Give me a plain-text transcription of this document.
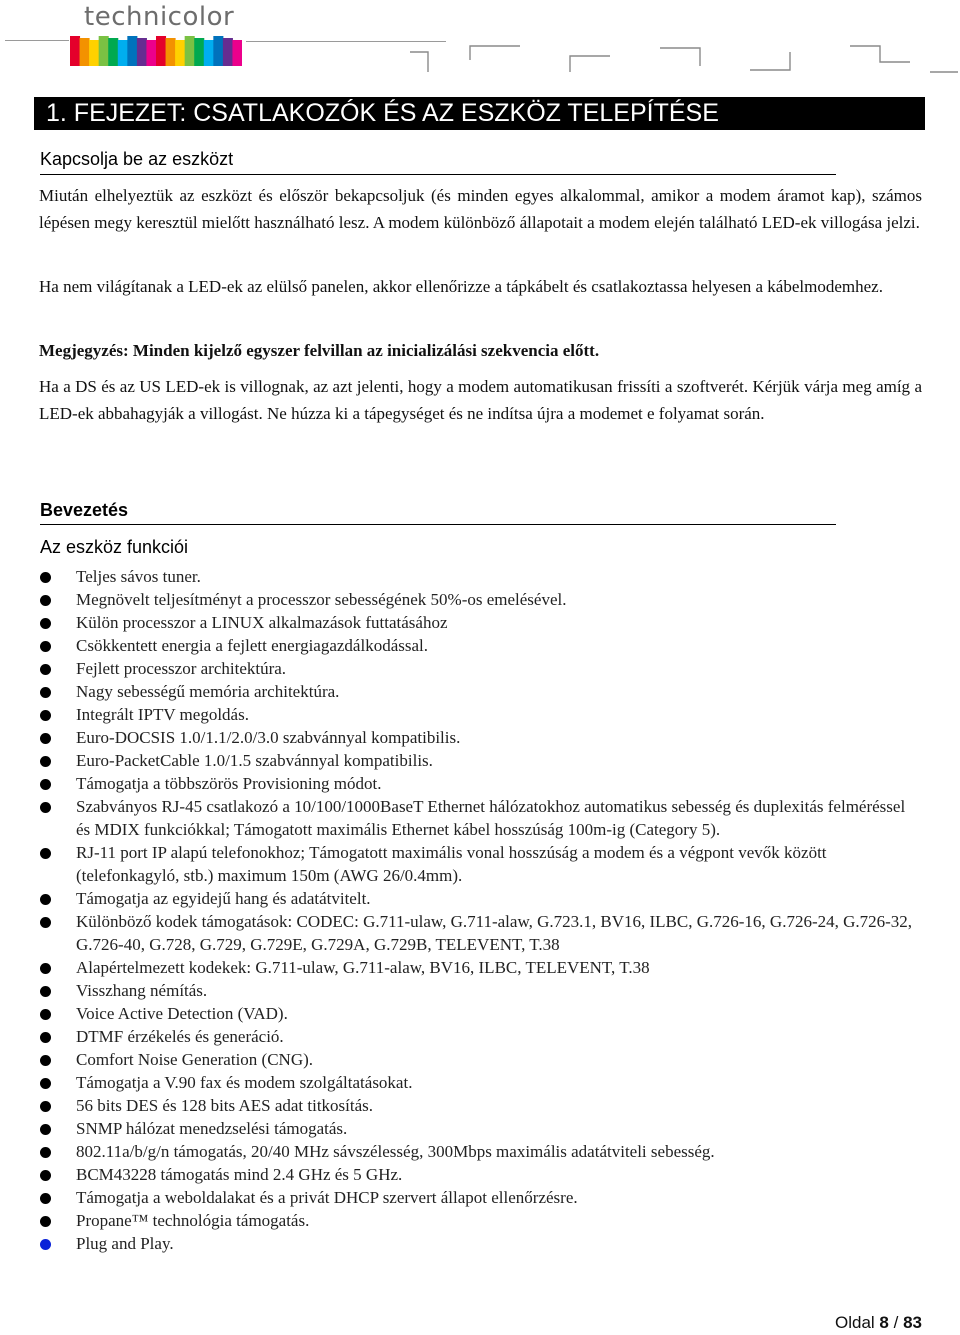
technicolor
1. FEJEZET: CSATLAKOZÓK ÉS AZ ESZKÖZ TELEPÍTÉSE
Kapcsolja be az eszközt
Miután elhelyeztük az eszközt és először bekapcsoljuk (és minden egyes alkalommal, amikor a modem áramot kap), számos lépésen megy keresztül mielőtt használható lesz. A modem különböző állapotait a modem elején található LED-ek villogása jelzi.
Ha nem világítanak a LED-ek az elülső panelen, akkor ellenőrizze a tápkábelt és csatlakoztassa helyesen a kábelmodemhez.
Megjegyzés: Minden kijelző egyszer felvillan az inicializálási szekvencia előtt.
Ha a DS és az US LED-ek is villognak, az azt jelenti, hogy a modem automatikusan frissíti a szoftverét. Kérjük várja meg amíg a LED-ek abbahagyják a villogást. Ne húzza ki a tápegységet és ne indítsa újra a modemet e folyamat során.
Bevezetés
Az eszköz funkciói
Teljes sávos tuner.
Megnövelt teljesítményt a processzor sebességének 50%-os emelésével.
Külön processzor a LINUX alkalmazások futtatásához
Csökkentett energia a fejlett energiagazdálkodással.
Fejlett processzor architektúra.
Nagy sebességű memória architektúra.
Integrált IPTV megoldás.
Euro-DOCSIS 1.0/1.1/2.0/3.0 szabvánnyal kompatibilis.
Euro-PacketCable 1.0/1.5 szabvánnyal kompatibilis.
Támogatja a többszörös Provisioning módot.
Szabványos RJ-45 csatlakozó a 10/100/1000BaseT Ethernet hálózatokhoz automatikus sebesség és duplexitás felméréssel és MDIX funkciókkal; Támogatott maximális Ethernet kábel hosszúság 100m-ig (Category 5).
RJ-11 port IP alapú telefonokhoz; Támogatott maximális vonal hosszúság a modem és a végpont vevők között (telefonkagyló, stb.) maximum 150m (AWG 26/0.4mm).
Támogatja az egyidejű hang és adatátvitelt.
Különböző kodek támogatások: CODEC: G.711-ulaw, G.711-alaw, G.723.1, BV16, ILBC, G.726-16, G.726-24, G.726-32, G.726-40, G.728, G.729, G.729E, G.729A, G.729B, TELEVENT, T.38
Alapértelmezett kodekek: G.711-ulaw, G.711-alaw, BV16, ILBC, TELEVENT, T.38
Visszhang némítás.
Voice Active Detection (VAD).
DTMF érzékelés és generáció.
Comfort Noise Generation (CNG).
Támogatja a V.90 fax és modem szolgáltatásokat.
56 bits DES és 128 bits AES adat titkosítás.
SNMP hálózat menedzselési támogatás.
802.11a/b/g/n támogatás, 20/40 MHz sávszélesség, 300Mbps maximális adatátviteli sebesség.
BCM43228 támogatás mind 2.4 GHz és 5 GHz.
Támogatja a weboldalakat és a privát DHCP szervert állapot ellenőrzésre.
Propane™ technológia támogatás.
Plug and Play.
Oldal 8 / 83
